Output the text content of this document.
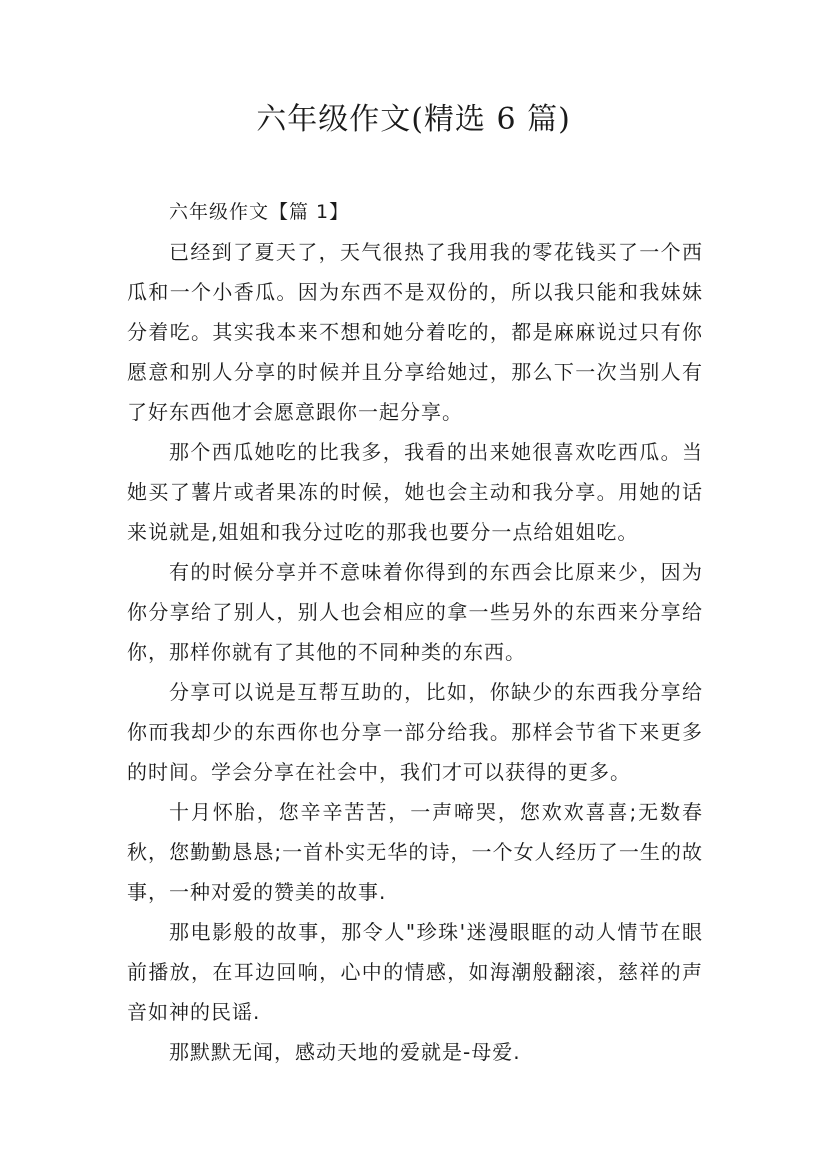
六年级作文(精选 6 篇)

六年级作文【篇 1】

已经到了夏天了，天气很热了我用我的零花钱买了一个西瓜和一个小香瓜。因为东西不是双份的，所以我只能和我妹妹分着吃。其实我本来不想和她分着吃的，都是麻麻说过只有你愿意和别人分享的时候并且分享给她过，那么下一次当别人有了好东西他才会愿意跟你一起分享。

那个西瓜她吃的比我多，我看的出来她很喜欢吃西瓜。当她买了薯片或者果冻的时候，她也会主动和我分享。用她的话来说就是,姐姐和我分过吃的那我也要分一点给姐姐吃。

有的时候分享并不意味着你得到的东西会比原来少，因为你分享给了别人，别人也会相应的拿一些另外的东西来分享给你，那样你就有了其他的不同种类的东西。

分享可以说是互帮互助的，比如，你缺少的东西我分享给你而我却少的东西你也分享一部分给我。那样会节省下来更多的时间。学会分享在社会中，我们才可以获得的更多。

十月怀胎，您辛辛苦苦，一声啼哭，您欢欢喜喜;无数春秋，您勤勤恳恳;一首朴实无华的诗，一个女人经历了一生的故事，一种对爱的赞美的故事.

那电影般的故事，那令人"珍珠'迷漫眼眶的动人情节在眼前播放，在耳边回响，心中的情感，如海潮般翻滚，慈祥的声音如神的民谣.

那默默无闻，感动天地的爱就是-母爱.
